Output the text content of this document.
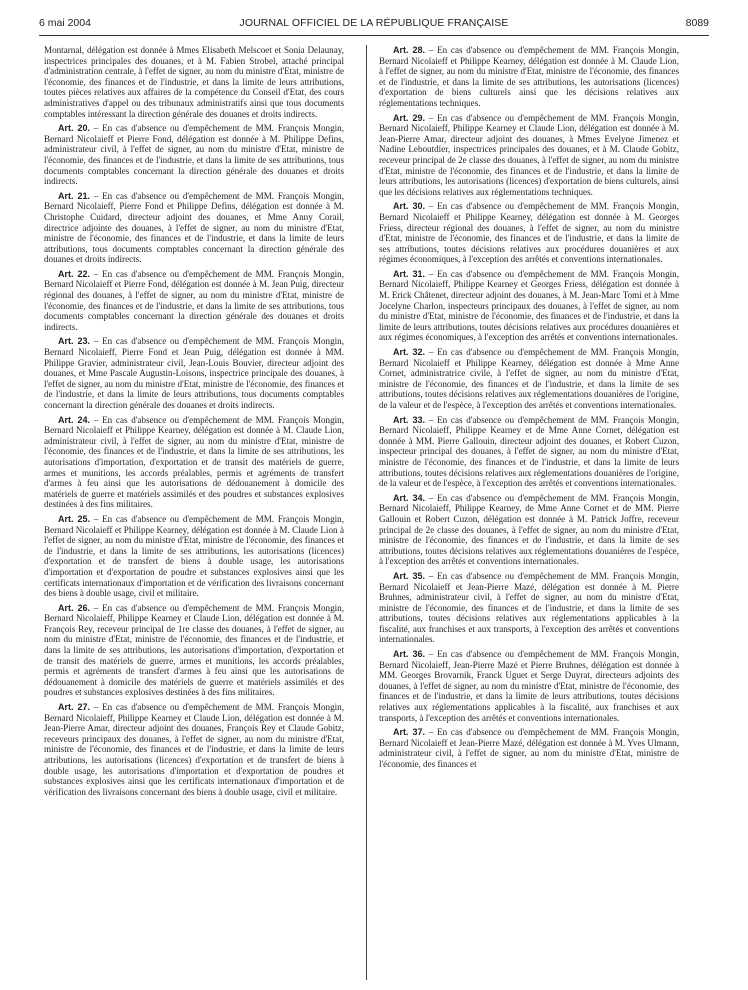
6 mai 2004	JOURNAL OFFICIEL DE LA RÉPUBLIQUE FRANÇAISE	8089

Montarnal, délégation est donnée à Mmes Elisabeth Melscoet et Sonia Delaunay, inspectrices principales des douanes, et à M. Fabien Strobel, attaché principal d'administration centrale, à l'effet de signer, au nom du ministre d'Etat, ministre de l'économie, des finances et de l'industrie, et dans la limite de leurs attributions, toutes pièces relatives aux affaires de la compétence du Conseil d'Etat, des cours administratives d'appel ou des tribunaux administratifs ainsi que tous documents comptables intéressant la direction générale des douanes et droits indirects.

Art. 20. – En cas d'absence ou d'empêchement de MM. François Mongin, Bernard Nicolaieff et Pierre Fond, délégation est donnée à M. Philippe Defins, administrateur civil, à l'effet de signer, au nom du ministre d'Etat, ministre de l'économie, des finances et de l'industrie, et dans la limite de ses attributions, tous documents comptables concernant la direction générale des douanes et droits indirects.

Art. 21. – En cas d'absence ou d'empêchement de MM. François Mongin, Bernard Nicolaieff, Pierre Fond et Philippe Defins, délégation est donnée à M. Christophe Cuidard, directeur adjoint des douanes, et Mme Anny Corail, directrice adjointe des douanes, à l'effet de signer, au nom du ministre d'Etat, ministre de l'économie, des finances et de l'industrie, et dans la limite de leurs attributions, tous documents comptables concernant la direction générale des douanes et droits indirects.

Art. 22. – En cas d'absence ou d'empêchement de MM. François Mongin, Bernard Nicolaieff et Pierre Fond, délégation est donnée à M. Jean Puig, directeur régional des douanes, à l'effet de signer, au nom du ministre d'Etat, ministre de l'économie, des finances et de l'industrie, et dans la limite de ses attributions, tous documents comptables concernant la direction générale des douanes et droits indirects.

Art. 23. – En cas d'absence ou d'empêchement de MM. François Mongin, Bernard Nicolaieff, Pierre Fond et Jean Puig, délégation est donnée à MM. Philippe Gravier, administrateur civil, Jean-Louis Bouvier, directeur adjoint des douanes, et Mme Pascale Augustin-Loisons, inspectrice principale des douanes, à l'effet de signer, au nom du ministre d'Etat, ministre de l'économie, des finances et de l'industrie, et dans la limite de leurs attributions, tous documents comptables concernant la direction générale des douanes et droits indirects.

Art. 24. – En cas d'absence ou d'empêchement de MM. François Mongin, Bernard Nicolaieff et Philippe Kearney, délégation est donnée à M. Claude Lion, administrateur civil, à l'effet de signer, au nom du ministre d'Etat, ministre de l'économie, des finances et de l'industrie, et dans la limite de ses attributions, les autorisations d'importation, d'exportation et de transit des matériels de guerre, armes et munitions, les accords préalables, permis et agréments de transfert d'armes à feu ainsi que les autorisations de dédouanement à domicile des matériels de guerre et matériels assimilés et des poudres et substances explosives destinées à des fins militaires.

Art. 25. – En cas d'absence ou d'empêchement de MM. François Mongin, Bernard Nicolaieff et Philippe Kearney, délégation est donnée à M. Claude Lion à l'effet de signer, au nom du ministre d'Etat, ministre de l'économie, des finances et de l'industrie, et dans la limite de ses attributions, les autorisations (licences) d'exportation et de transfert de biens à double usage, les autorisations d'importation et d'exportation de poudre et substances explosives ainsi que les certificats internationaux d'importation et de vérification des livraisons concernant des biens à double usage, civil et militaire.

Art. 26. – En cas d'absence ou d'empêchement de MM. François Mongin, Bernard Nicolaieff, Philippe Kearney et Claude Lion, délégation est donnée à M. François Rey, receveur principal de 1re classe des douanes, à l'effet de signer, au nom du ministre d'Etat, ministre de l'économie, des finances et de l'industrie, et dans la limite de ses attributions, les autorisations d'importation, d'exportation et de transit des matériels de guerre, armes et munitions, les accords préalables, permis et agréments de transfert d'armes à feu ainsi que les autorisations de dédouanement à domicile des matériels de guerre et matériels assimilés et des poudres et substances explosives destinées à des fins militaires.

Art. 27. – En cas d'absence ou d'empêchement de MM. François Mongin, Bernard Nicolaieff, Philippe Kearney et Claude Lion, délégation est donnée à M. Jean-Pierre Amar, directeur adjoint des douanes, François Rey et Claude Gobitz, receveurs principaux des douanes, à l'effet de signer, au nom du ministre d'Etat, ministre de l'économie, des finances et de l'industrie, et dans la limite de leurs attributions, les autorisations (licences) d'exportation et de transfert de biens à double usage, les autorisations d'importation et d'exportation de poudres et substances explosives ainsi que les certificats internationaux d'importation et de vérification des livraisons concernant des biens à double usage, civil et militaire.

Art. 28. – En cas d'absence ou d'empêchement de MM. François Mongin, Bernard Nicolaieff et Philippe Kearney, délégation est donnée à M. Claude Lion, à l'effet de signer, au nom du ministre d'Etat, ministre de l'économie, des finances et de l'industrie, et dans la limite de ses attributions, les autorisations (licences) d'exportation de biens culturels ainsi que les décisions relatives aux réglementations techniques.

Art. 29. – En cas d'absence ou d'empêchement de MM. François Mongin, Bernard Nicolaieff, Philippe Kearney et Claude Lion, délégation est donnée à M. Jean-Pierre Amar, directeur adjoint des douanes, à Mmes Evelyne Jimenez et Nadine Leboutdier, inspectrices principales des douanes, et à M. Claude Gobitz, receveur principal de 2e classe des douanes, à l'effet de signer, au nom du ministre d'Etat, ministre de l'économie, des finances et de l'industrie, et dans la limite de leurs attributions, les autorisations (licences) d'exportation de biens culturels, ainsi que les décisions relatives aux réglementations techniques.

Art. 30. – En cas d'absence ou d'empêchement de MM. François Mongin, Bernard Nicolaieff et Philippe Kearney, délégation est donnée à M. Georges Friess, directeur régional des douanes, à l'effet de signer, au nom du ministre d'Etat, ministre de l'économie, des finances et de l'industrie, et dans la limite de ses attributions, toutes décisions relatives aux procédures douanières et aux régimes économiques, à l'exception des arrêtés et conventions internationales.

Art. 31. – En cas d'absence ou d'empêchement de MM. François Mongin, Bernard Nicolaieff, Philippe Kearney et Georges Friess, délégation est donnée à M. Erick Châtenet, directeur adjoint des douanes, à M. Jean-Marc Tomi et à Mme Jocelyne Charlon, inspecteurs principaux des douanes, à l'effet de signer, au nom du ministre d'Etat, ministre de l'économie, des finances et de l'industrie, et dans la limite de leurs attributions, toutes décisions relatives aux procédures douanières et aux régimes économiques, à l'exception des arrêtés et conventions internationales.

Art. 32. – En cas d'absence ou d'empêchement de MM. François Mongin, Bernard Nicolaieff et Philippe Kearney, délégation est donnée à Mme Anne Cornet, administratrice civile, à l'effet de signer, au nom du ministre d'Etat, ministre de l'économie, des finances et de l'industrie, et dans la limite de ses attributions, toutes décisions relatives aux réglementations douanières de l'origine, de la valeur et de l'espèce, à l'exception des arrêtés et conventions internationales.

Art. 33. – En cas d'absence ou d'empêchement de MM. François Mongin, Bernard Nicolaieff, Philippe Kearney et de Mme Anne Cornet, délégation est donnée à MM. Pierre Gallouin, directeur adjoint des douanes, et Robert Cuzon, inspecteur principal des douanes, à l'effet de signer, au nom du ministre d'Etat, ministre de l'économie, des finances et de l'industrie, et dans la limite de leurs attributions, toutes décisions relatives aux réglementations douanières de l'origine, de la valeur et de l'espèce, à l'exception des arrêtés et conventions internationales.

Art. 34. – En cas d'absence ou d'empêchement de MM. François Mongin, Bernard Nicolaieff, Philippe Kearney, de Mme Anne Cornet et de MM. Pierre Gallouin et Robert Cuzon, délégation est donnée à M. Patrick Joffre, receveur principal de 2e classe des douanes, à l'effet de signer, au nom du ministre d'Etat, ministre de l'économie, des finances et de l'industrie, et dans la limite de ses attributions, toutes décisions relatives aux réglementations douanières de l'espèce, à l'exception des arrêtés et conventions internationales.

Art. 35. – En cas d'absence ou d'empêchement de MM. François Mongin, Bernard Nicolaieff et Jean-Pierre Mazé, délégation est donnée à M. Pierre Bruhnes, administrateur civil, à l'effet de signer, au nom du ministre d'Etat, ministre de l'économie, des finances et de l'industrie, et dans la limite de ses attributions, toutes décisions relatives aux réglementations applicables à la fiscalité, aux franchises et aux transports, à l'exception des arrêtés et conventions internationales.

Art. 36. – En cas d'absence ou d'empêchement de MM. François Mongin, Bernard Nicolaieff, Jean-Pierre Mazé et Pierre Bruhnes, délégation est donnée à MM. Georges Brovarnik, Franck Uguet et Serge Duyrat, directeurs adjoints des douanes, à l'effet de signer, au nom du ministre d'Etat, ministre de l'économie, des finances et de l'industrie, et dans la limite de leurs attributions, toutes décisions relatives aux réglementations applicables à la fiscalité, aux franchises et aux transports, à l'exception des arrêtés et conventions internationales.

Art. 37. – En cas d'absence ou d'empêchement de MM. François Mongin, Bernard Nicolaieff et Jean-Pierre Mazé, délégation est donnée à M. Yves Ulmann, administrateur civil, à l'effet de signer, au nom du ministre d'Etat, ministre de l'économie, des finances et
